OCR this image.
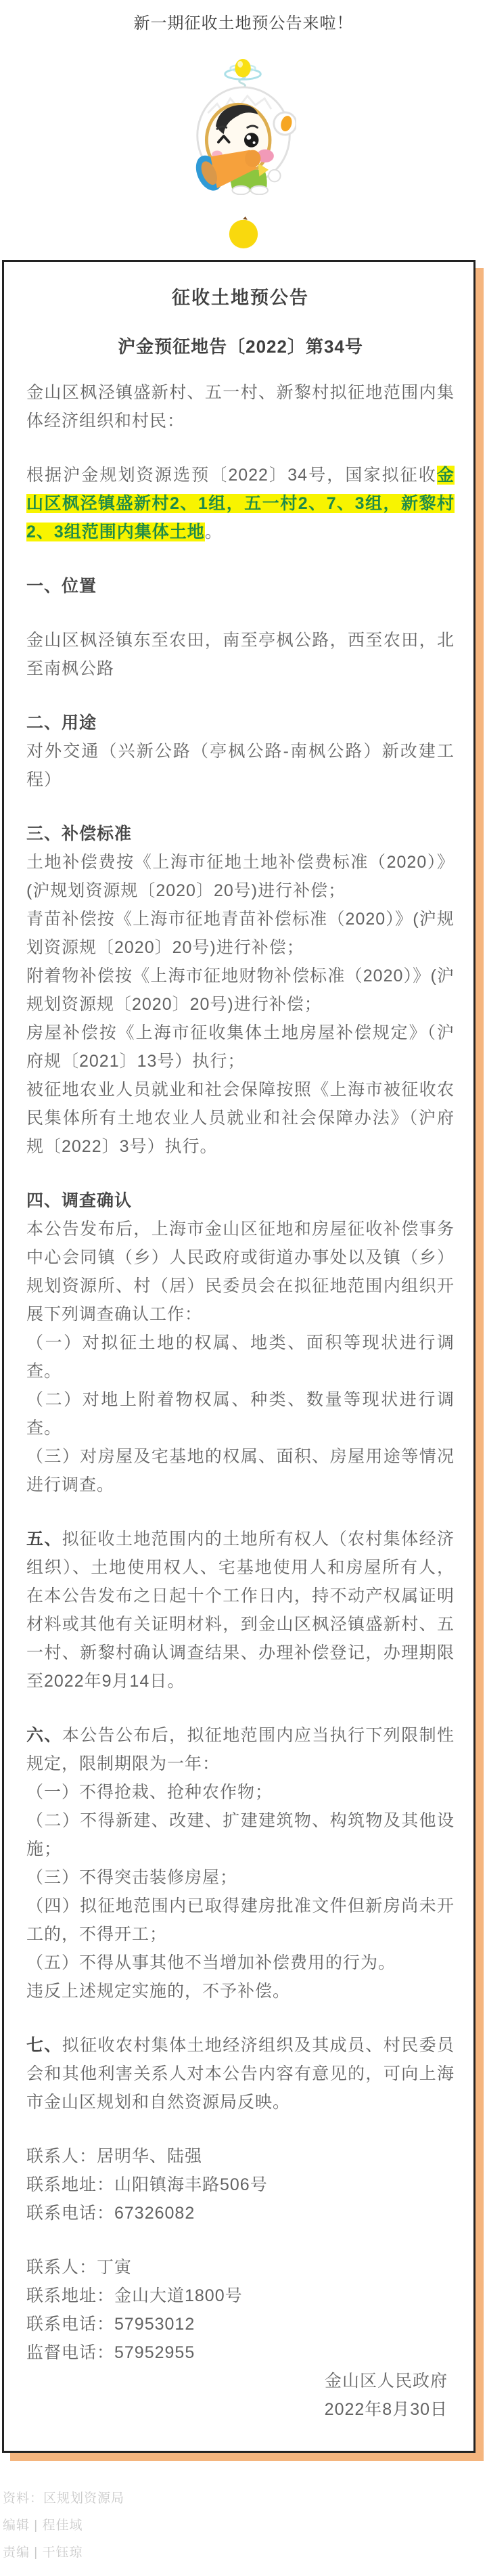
新一期征收土地预公告来啦！

征收土地预公告

沪金预征地告〔2022〕第34号

金山区枫泾镇盛新村、五一村、新黎村拟征地范围内集体经济组织和村民：

根据沪金规划资源选预〔2022〕34号，国家拟征收金山区枫泾镇盛新村2、1组，五一村2、7、3组，新黎村2、3组范围内集体土地。

一、位置

金山区枫泾镇东至农田，南至亭枫公路，西至农田，北至南枫公路

二、用途

对外交通（兴新公路（亭枫公路-南枫公路）新改建工程）

三、补偿标准

土地补偿费按《上海市征地土地补偿费标准（2020）》(沪规划资源规〔2020〕20号)进行补偿；

青苗补偿按《上海市征地青苗补偿标准（2020）》(沪规划资源规〔2020〕20号)进行补偿；

附着物补偿按《上海市征地财物补偿标准（2020）》(沪规划资源规〔2020〕20号)进行补偿；

房屋补偿按《上海市征收集体土地房屋补偿规定》（沪府规〔2021〕13号）执行；

被征地农业人员就业和社会保障按照《上海市被征收农民集体所有土地农业人员就业和社会保障办法》（沪府规〔2022〕3号）执行。

四、调查确认

本公告发布后，上海市金山区征地和房屋征收补偿事务中心会同镇（乡）人民政府或街道办事处以及镇（乡）规划资源所、村（居）民委员会在拟征地范围内组织开展下列调查确认工作：

（一）对拟征土地的权属、地类、面积等现状进行调查。

（二）对地上附着物权属、种类、数量等现状进行调查。

（三）对房屋及宅基地的权属、面积、房屋用途等情况进行调查。

五、拟征收土地范围内的土地所有权人（农村集体经济组织）、土地使用权人、宅基地使用人和房屋所有人，在本公告发布之日起十个工作日内，持不动产权属证明材料或其他有关证明材料，到金山区枫泾镇盛新村、五一村、新黎村确认调查结果、办理补偿登记，办理期限至2022年9月14日。

六、本公告公布后，拟征地范围内应当执行下列限制性规定，限制期限为一年：

（一）不得抢栽、抢种农作物；

（二）不得新建、改建、扩建建筑物、构筑物及其他设施；

（三）不得突击装修房屋；

（四）拟征地范围内已取得建房批准文件但新房尚未开工的，不得开工；

（五）不得从事其他不当增加补偿费用的行为。

违反上述规定实施的，不予补偿。

七、拟征收农村集体土地经济组织及其成员、村民委员会和其他利害关系人对本公告内容有意见的，可向上海市金山区规划和自然资源局反映。

联系人：居明华、陆强

联系地址：山阳镇海丰路506号

联系电话：67326082

联系人：丁寅

联系地址：金山大道1800号

联系电话：57953012

监督电话：57952955

金山区人民政府

2022年8月30日

资料：区规划资源局

编辑 | 程佳域

责编 | 干钰琼
